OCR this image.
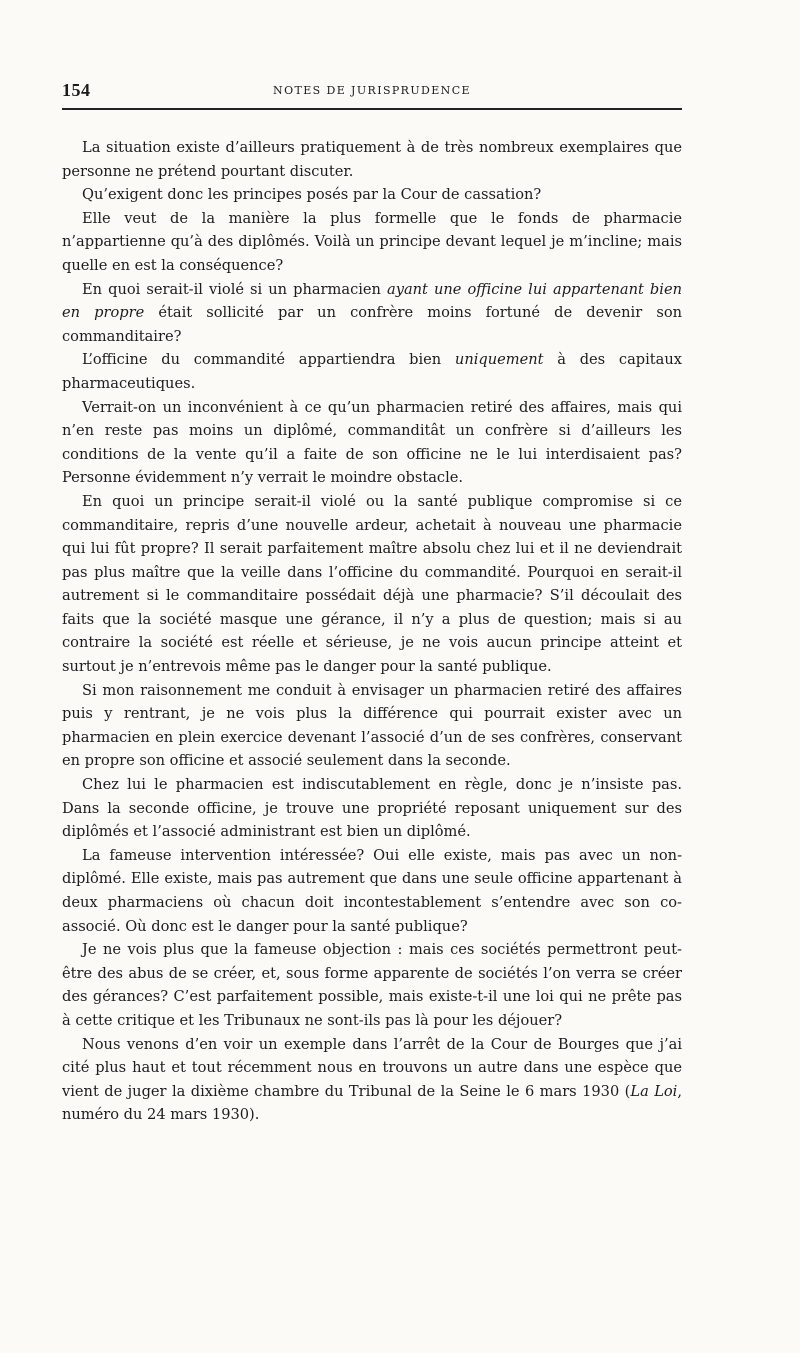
154	NOTES DE JURISPRUDENCE

La situation existe d’ailleurs pratiquement à de très nombreux exemplaires que personne ne prétend pourtant discuter.

Qu’exigent donc les principes posés par la Cour de cassation?

Elle veut de la manière la plus formelle que le fonds de pharmacie n’appartienne qu’à des diplômés. Voilà un principe devant lequel je m’incline; mais quelle en est la conséquence?

En quoi serait-il violé si un pharmacien ayant une officine lui appartenant bien en propre était sollicité par un confrère moins fortuné de devenir son commanditaire?

L’officine du commandité appartiendra bien uniquement à des capitaux pharmaceutiques.

Verrait-on un inconvénient à ce qu’un pharmacien retiré des affaires, mais qui n’en reste pas moins un diplômé, commanditât un confrère si d’ailleurs les conditions de la vente qu’il a faite de son officine ne le lui interdisaient pas? Personne évidemment n’y verrait le moindre obstacle.

En quoi un principe serait-il violé ou la santé publique compromise si ce commanditaire, repris d’une nouvelle ardeur, achetait à nouveau une pharmacie qui lui fût propre? Il serait parfaitement maître absolu chez lui et il ne deviendrait pas plus maître que la veille dans l’officine du commandité. Pourquoi en serait-il autrement si le commanditaire possédait déjà une pharmacie? S’il découlait des faits que la société masque une gérance, il n’y a plus de question; mais si au contraire la société est réelle et sérieuse, je ne vois aucun principe atteint et surtout je n’entrevois même pas le danger pour la santé publique.

Si mon raisonnement me conduit à envisager un pharmacien retiré des affaires puis y rentrant, je ne vois plus la différence qui pourrait exister avec un pharmacien en plein exercice devenant l’associé d’un de ses confrères, conservant en propre son officine et associé seulement dans la seconde.

Chez lui le pharmacien est indiscutablement en règle, donc je n’insiste pas. Dans la seconde officine, je trouve une propriété reposant uniquement sur des diplômés et l’associé administrant est bien un diplômé.

La fameuse intervention intéressée? Oui elle existe, mais pas avec un non-diplômé. Elle existe, mais pas autrement que dans une seule officine appartenant à deux pharmaciens où chacun doit incontestablement s’entendre avec son co-associé. Où donc est le danger pour la santé publique?

Je ne vois plus que la fameuse objection : mais ces sociétés permettront peut-être des abus de se créer, et, sous forme apparente de sociétés l’on verra se créer des gérances? C’est parfaitement possible, mais existe-t-il une loi qui ne prête pas à cette critique et les Tribunaux ne sont-ils pas là pour les déjouer?

Nous venons d’en voir un exemple dans l’arrêt de la Cour de Bourges que j’ai cité plus haut et tout récemment nous en trouvons un autre dans une espèce que vient de juger la dixième chambre du Tribunal de la Seine le 6 mars 1930 (La Loi, numéro du 24 mars 1930).
